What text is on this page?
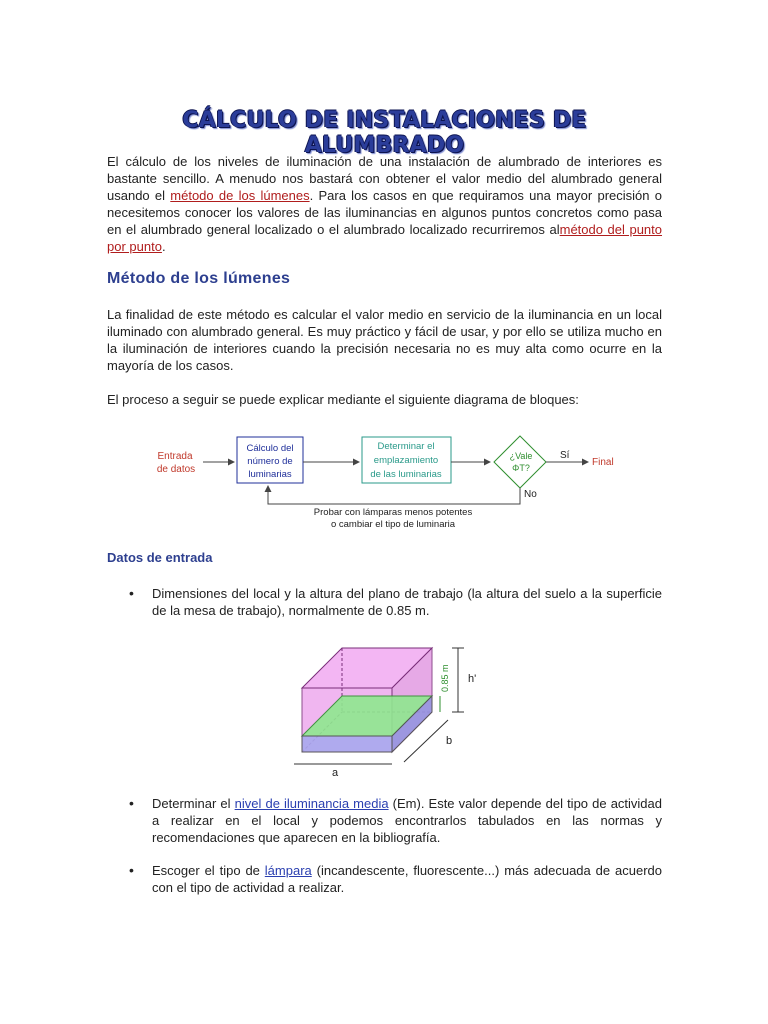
CÁLCULO DE INSTALACIONES DE ALUMBRADO

El cálculo de los niveles de iluminación de una instalación de alumbrado de interiores es bastante sencillo. A menudo nos bastará con obtener el valor medio del alumbrado general usando el método de los lúmenes. Para los casos en que requiramos una mayor precisión o necesitemos conocer los valores de las iluminancias en algunos puntos concretos como pasa en el alumbrado general localizado o el alumbrado localizado recurriremos almétodo del punto por punto.

Método de los lúmenes

La finalidad de este método es calcular el valor medio en servicio de la iluminancia en un local iluminado con alumbrado general. Es muy práctico y fácil de usar, y por ello se utiliza mucho en la iluminación de interiores cuando la precisión necesaria no es muy alta como ocurre en la mayoría de los casos.

El proceso a seguir se puede explicar mediante el siguiente diagrama de bloques:

Datos de entrada
• Dimensiones del local y la altura del plano de trabajo (la altura del suelo a la superficie de la mesa de trabajo), normalmente de 0.85 m.
• Determinar el nivel de iluminancia media (Em). Este valor depende del tipo de actividad a realizar en el local y podemos encontrarlos tabulados en las normas y recomendaciones que aparecen en la bibliografía.
• Escoger el tipo de lámpara (incandescente, fluorescente...) más adecuada de acuerdo con el tipo de actividad a realizar.
Entrada
de datos
Cálculo del
número de
luminarias
Determinar el
emplazamiento
de las luminarias
¿Vale
ΦT?
Sí
Final
No
Probar con lámparas menos potentes
o cambiar el tipo de luminaria
h'
0.85 m
b
a
